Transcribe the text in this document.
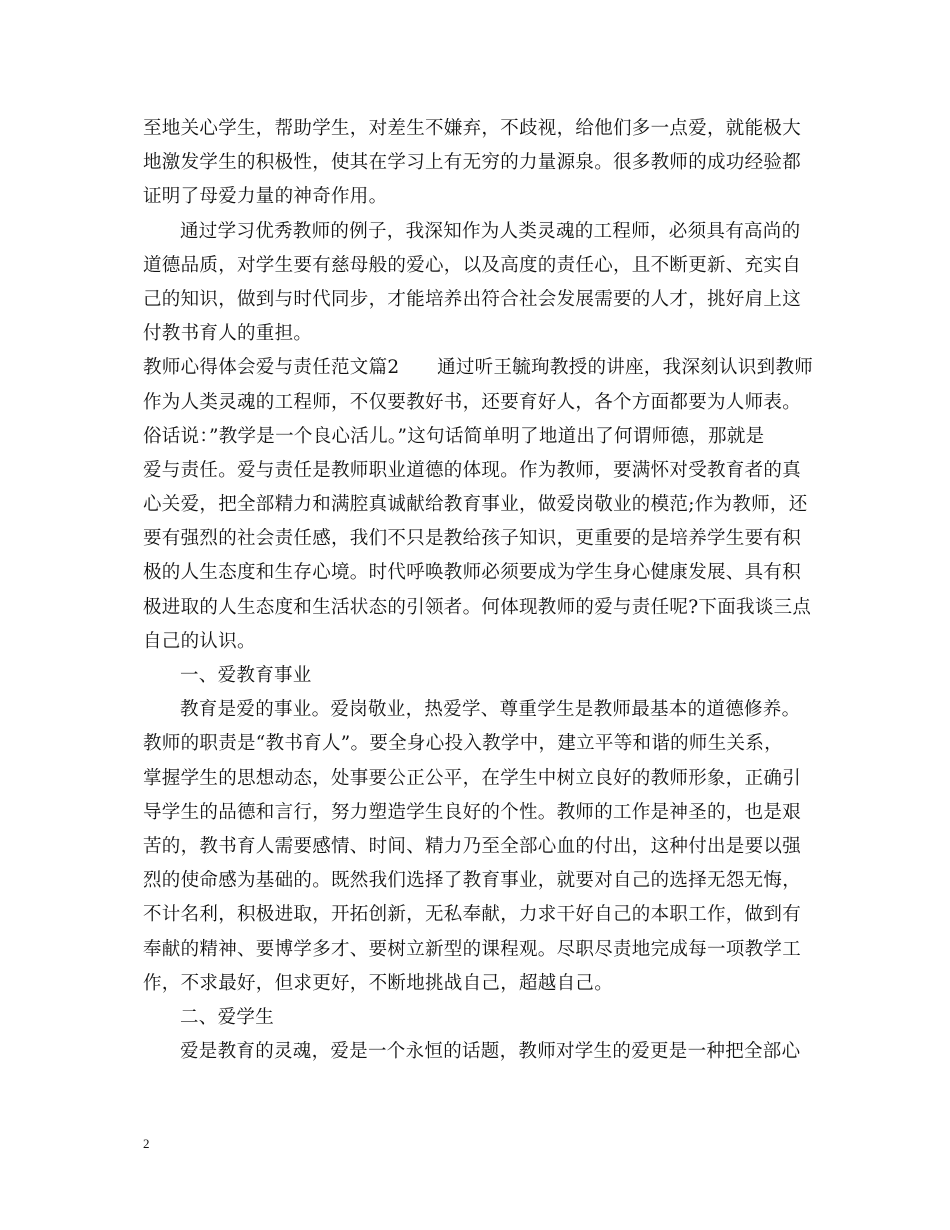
至地关心学生，帮助学生，对差生不嫌弃，不歧视，给他们多一点爱，就能极大
地激发学生的积极性，使其在学习上有无穷的力量源泉。很多教师的成功经验都
证明了母爱力量的神奇作用。
通过学习优秀教师的例子，我深知作为人类灵魂的工程师，必须具有高尚的
道德品质，对学生要有慈母般的爱心，以及高度的责任心，且不断更新、充实自
己的知识，做到与时代同步，才能培养出符合社会发展需要的人才，挑好肩上这
付教书育人的重担。
教师心得体会爱与责任范文篇2　　通过听王毓珣教授的讲座，我深刻认识到教师
作为人类灵魂的工程师，不仅要教好书，还要育好人，各个方面都要为人师表。
俗话说：”教学是一个良心活儿。”这句话简单明了地道出了何谓师德，那就是
爱与责任。爱与责任是教师职业道德的体现。作为教师，要满怀对受教育者的真
心关爱，把全部精力和满腔真诚献给教育事业，做爱岗敬业的模范;作为教师，还
要有强烈的社会责任感，我们不只是教给孩子知识，更重要的是培养学生要有积
极的人生态度和生存心境。时代呼唤教师必须要成为学生身心健康发展、具有积
极进取的人生态度和生活状态的引领者。何体现教师的爱与责任呢?下面我谈三点
自己的认识。
一、爱教育事业
教育是爱的事业。爱岗敬业，热爱学、尊重学生是教师最基本的道德修养。
教师的职责是“教书育人”。要全身心投入教学中，建立平等和谐的师生关系，
掌握学生的思想动态，处事要公正公平，在学生中树立良好的教师形象，正确引
导学生的品德和言行，努力塑造学生良好的个性。教师的工作是神圣的，也是艰
苦的，教书育人需要感情、时间、精力乃至全部心血的付出，这种付出是要以强
烈的使命感为基础的。既然我们选择了教育事业，就要对自己的选择无怨无悔，
不计名利，积极进取，开拓创新，无私奉献，力求干好自己的本职工作，做到有
奉献的精神、要博学多才、要树立新型的课程观。尽职尽责地完成每一项教学工
作，不求最好，但求更好，不断地挑战自己，超越自己。
二、爱学生
爱是教育的灵魂，爱是一个永恒的话题，教师对学生的爱更是一种把全部心
2
